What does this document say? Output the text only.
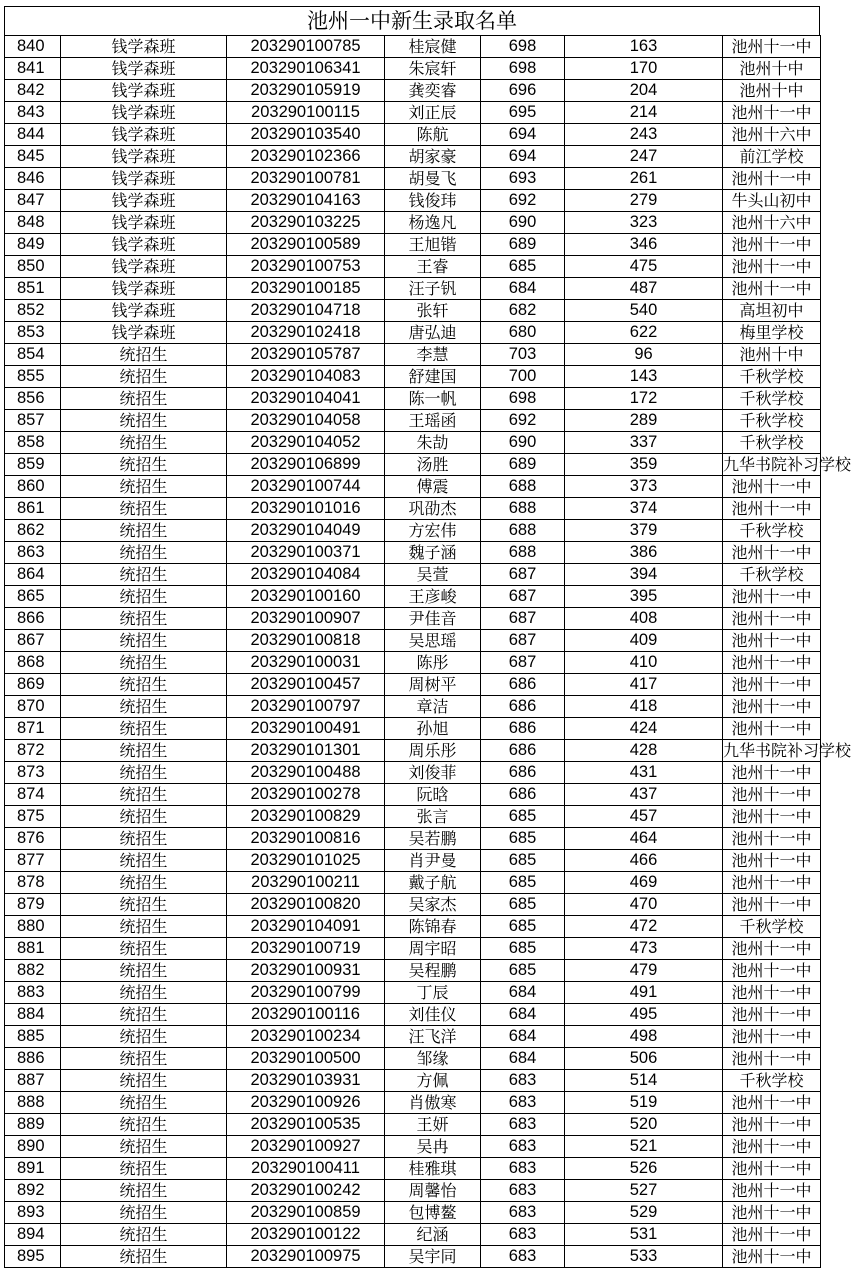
池州一中新生录取名单
840	钱学森班	203290100785	桂宸健	698	163	池州十一中
841	钱学森班	203290106341	朱宸轩	698	170	池州十中
842	钱学森班	203290105919	龚奕睿	696	204	池州十中
843	钱学森班	203290100115	刘正辰	695	214	池州十一中
844	钱学森班	203290103540	陈航	694	243	池州十六中
845	钱学森班	203290102366	胡家豪	694	247	前江学校
846	钱学森班	203290100781	胡曼飞	693	261	池州十一中
847	钱学森班	203290104163	钱俊玮	692	279	牛头山初中
848	钱学森班	203290103225	杨逸凡	690	323	池州十六中
849	钱学森班	203290100589	王旭锴	689	346	池州十一中
850	钱学森班	203290100753	王睿	685	475	池州十一中
851	钱学森班	203290100185	汪子钒	684	487	池州十一中
852	钱学森班	203290104718	张轩	682	540	高坦初中
853	钱学森班	203290102418	唐弘迪	680	622	梅里学校
854	统招生	203290105787	李慧	703	96	池州十中
855	统招生	203290104083	舒建国	700	143	千秋学校
856	统招生	203290104041	陈一帆	698	172	千秋学校
857	统招生	203290104058	王瑶函	692	289	千秋学校
858	统招生	203290104052	朱劼	690	337	千秋学校
859	统招生	203290106899	汤胜	689	359	九华书院补习学校
860	统招生	203290100744	傅震	688	373	池州十一中
861	统招生	203290101016	巩劭杰	688	374	池州十一中
862	统招生	203290104049	方宏伟	688	379	千秋学校
863	统招生	203290100371	魏子涵	688	386	池州十一中
864	统招生	203290104084	吴萱	687	394	千秋学校
865	统招生	203290100160	王彦峻	687	395	池州十一中
866	统招生	203290100907	尹佳音	687	408	池州十一中
867	统招生	203290100818	吴思瑶	687	409	池州十一中
868	统招生	203290100031	陈彤	687	410	池州十一中
869	统招生	203290100457	周树平	686	417	池州十一中
870	统招生	203290100797	章洁	686	418	池州十一中
871	统招生	203290100491	孙旭	686	424	池州十一中
872	统招生	203290101301	周乐彤	686	428	九华书院补习学校
873	统招生	203290100488	刘俊菲	686	431	池州十一中
874	统招生	203290100278	阮晗	686	437	池州十一中
875	统招生	203290100829	张言	685	457	池州十一中
876	统招生	203290100816	吴若鹏	685	464	池州十一中
877	统招生	203290101025	肖尹曼	685	466	池州十一中
878	统招生	203290100211	戴子航	685	469	池州十一中
879	统招生	203290100820	吴家杰	685	470	池州十一中
880	统招生	203290104091	陈锦春	685	472	千秋学校
881	统招生	203290100719	周宇昭	685	473	池州十一中
882	统招生	203290100931	吴程鹏	685	479	池州十一中
883	统招生	203290100799	丁辰	684	491	池州十一中
884	统招生	203290100116	刘佳仪	684	495	池州十一中
885	统招生	203290100234	汪飞洋	684	498	池州十一中
886	统招生	203290100500	邹缘	684	506	池州十一中
887	统招生	203290103931	方佩	683	514	千秋学校
888	统招生	203290100926	肖傲寒	683	519	池州十一中
889	统招生	203290100535	王妍	683	520	池州十一中
890	统招生	203290100927	吴冉	683	521	池州十一中
891	统招生	203290100411	桂雅琪	683	526	池州十一中
892	统招生	203290100242	周馨怡	683	527	池州十一中
893	统招生	203290100859	包博鳌	683	529	池州十一中
894	统招生	203290100122	纪涵	683	531	池州十一中
895	统招生	203290100975	吴宇同	683	533	池州十一中
